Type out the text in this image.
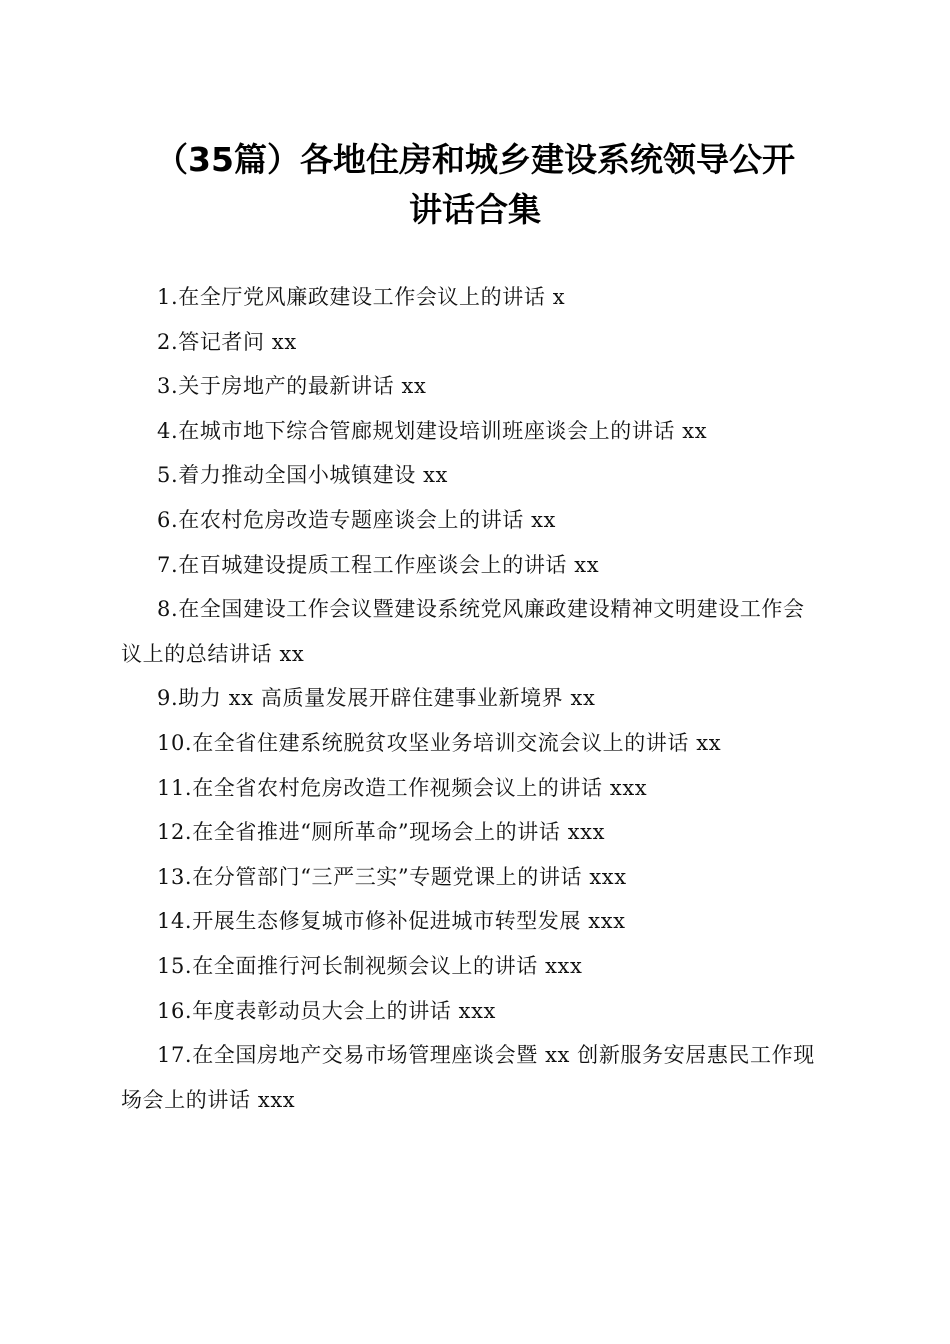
（35篇）各地住房和城乡建设系统领导公开
讲话合集
1.在全厅党风廉政建设工作会议上的讲话 x
2.答记者问 xx
3.关于房地产的最新讲话 xx
4.在城市地下综合管廊规划建设培训班座谈会上的讲话 xx
5.着力推动全国小城镇建设 xx
6.在农村危房改造专题座谈会上的讲话 xx
7.在百城建设提质工程工作座谈会上的讲话 xx
8.在全国建设工作会议暨建设系统党风廉政建设精神文明建设工作会议上的总结讲话 xx
9.助力 xx 高质量发展开辟住建事业新境界 xx
10.在全省住建系统脱贫攻坚业务培训交流会议上的讲话 xx
11.在全省农村危房改造工作视频会议上的讲话 xxx
12.在全省推进“厕所革命”现场会上的讲话 xxx
13.在分管部门“三严三实”专题党课上的讲话 xxx
14.开展生态修复城市修补促进城市转型发展 xxx
15.在全面推行河长制视频会议上的讲话 xxx
16.年度表彰动员大会上的讲话 xxx
17.在全国房地产交易市场管理座谈会暨 xx 创新服务安居惠民工作现场会上的讲话 xxx
